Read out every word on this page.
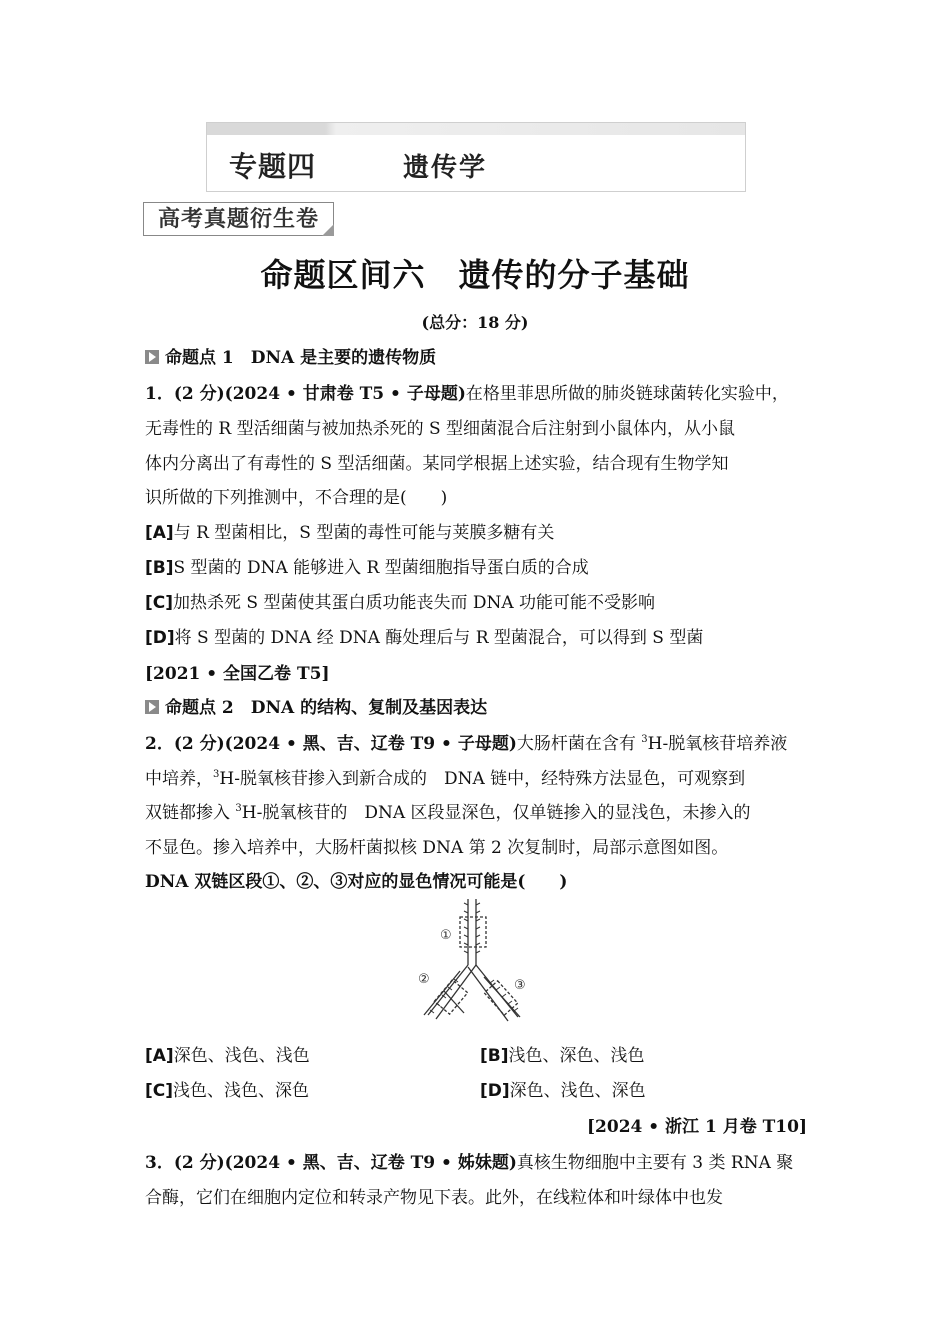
专题四	遗传学
高考真题衍生卷
命题区间六　遗传的分子基础
(总分：18 分)
命题点 1　DNA 是主要的遗传物质
1．(2 分)(2024 • 甘肃卷 T5 • 子母题)在格里菲思所做的肺炎链球菌转化实验中，
无毒性的 R 型活细菌与被加热杀死的 S 型细菌混合后注射到小鼠体内，从小鼠
体内分离出了有毒性的 S 型活细菌。某同学根据上述实验，结合现有生物学知
识所做的下列推测中，不合理的是(　　)
[A]与 R 型菌相比，S 型菌的毒性可能与荚膜多糖有关
[B]S 型菌的 DNA 能够进入 R 型菌细胞指导蛋白质的合成
[C]加热杀死 S 型菌使其蛋白质功能丧失而 DNA 功能可能不受影响
[D]将 S 型菌的 DNA 经 DNA 酶处理后与 R 型菌混合，可以得到 S 型菌
[2021 • 全国乙卷 T5]
命题点 2　DNA 的结构、复制及基因表达
2．(2 分)(2024 • 黑、吉、辽卷 T9 • 子母题)大肠杆菌在含有 $^3$H-脱氧核苷培养液
中培养，$^3$H-脱氧核苷掺入到新合成的　DNA 链中，经特殊方法显色，可观察到
双链都掺入 $^3$H-脱氧核苷的　DNA 区段显深色，仅单链掺入的显浅色，未掺入的
不显色。掺入培养中，大肠杆菌拟核 DNA 第 2 次复制时，局部示意图如图。
DNA 双链区段①、②、③对应的显色情况可能是(　　)
①
②	③
[A]深色、浅色、浅色	[B]浅色、深色、浅色
[C]浅色、浅色、深色	[D]深色、浅色、深色
[2024 • 浙江 1 月卷 T10]
3．(2 分)(2024 • 黑、吉、辽卷 T9 • 姊妹题)真核生物细胞中主要有 3 类 RNA 聚
合酶，它们在细胞内定位和转录产物见下表。此外，在线粒体和叶绿体中也发
